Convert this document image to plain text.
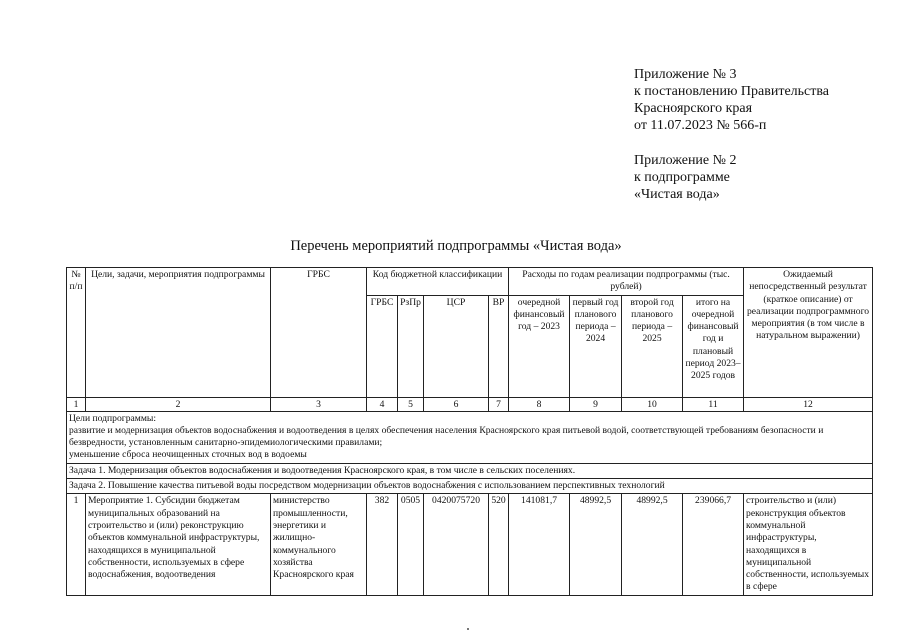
Приложение № 3
к постановлению Правительства
Красноярского края
от 11.07.2023 № 566-п
Приложение № 2
к подпрограмме
«Чистая вода»
Перечень мероприятий подпрограммы «Чистая вода»
№ п/п	Цели, задачи, мероприятия подпрограммы	ГРБС	Код бюджетной классификации				Расходы по годам реализации подпрограммы (тыс. рублей)				Ожидаемый непосредственный результат (краткое описание) от реализации подпрограммного мероприятия (в том числе в натуральном выражении)
			ГРБС	РзПр	ЦСР	ВР	очередной финансовый год – 2023	первый год планового периода – 2024	второй год планового периода – 2025	итого на очередной финансовый год и плановый период 2023–2025 годов	
1	2	3	4	5	6	7	8	9	10	11	12

Цели подпрограммы:
развитие и модернизация объектов водоснабжения и водоотведения в целях обеспечения населения Красноярского края питьевой водой, соответствующей требованиям безопасности и безвредности, установленным санитарно-эпидемиологическими правилами;
уменьшение сброса неочищенных сточных вод в водоемы											

Задача 1. Модернизация объектов водоснабжения и водоотведения Красноярского края, в том числе в сельских поселениях.											
Задача 2. Повышение качества питьевой воды посредством модернизации объектов водоснабжения с использованием перспективных технологий											
1	Мероприятие 1. Субсидии бюджетам муниципальных образований на строительство и (или) реконструкцию объектов коммунальной инфраструктуры, находящихся в муниципальной собственности, используемых в сфере водоснабжения, водоотведения	министерство промышленности, энергетики и жилищно-коммунального хозяйства Красноярского края	382	0505	0420075720	520	141081,7	48992,5	48992,5	239066,7	строительство и (или) реконструкция объектов коммунальной инфраструктуры, находящихся в муниципальной собственности, используемых в сфере
